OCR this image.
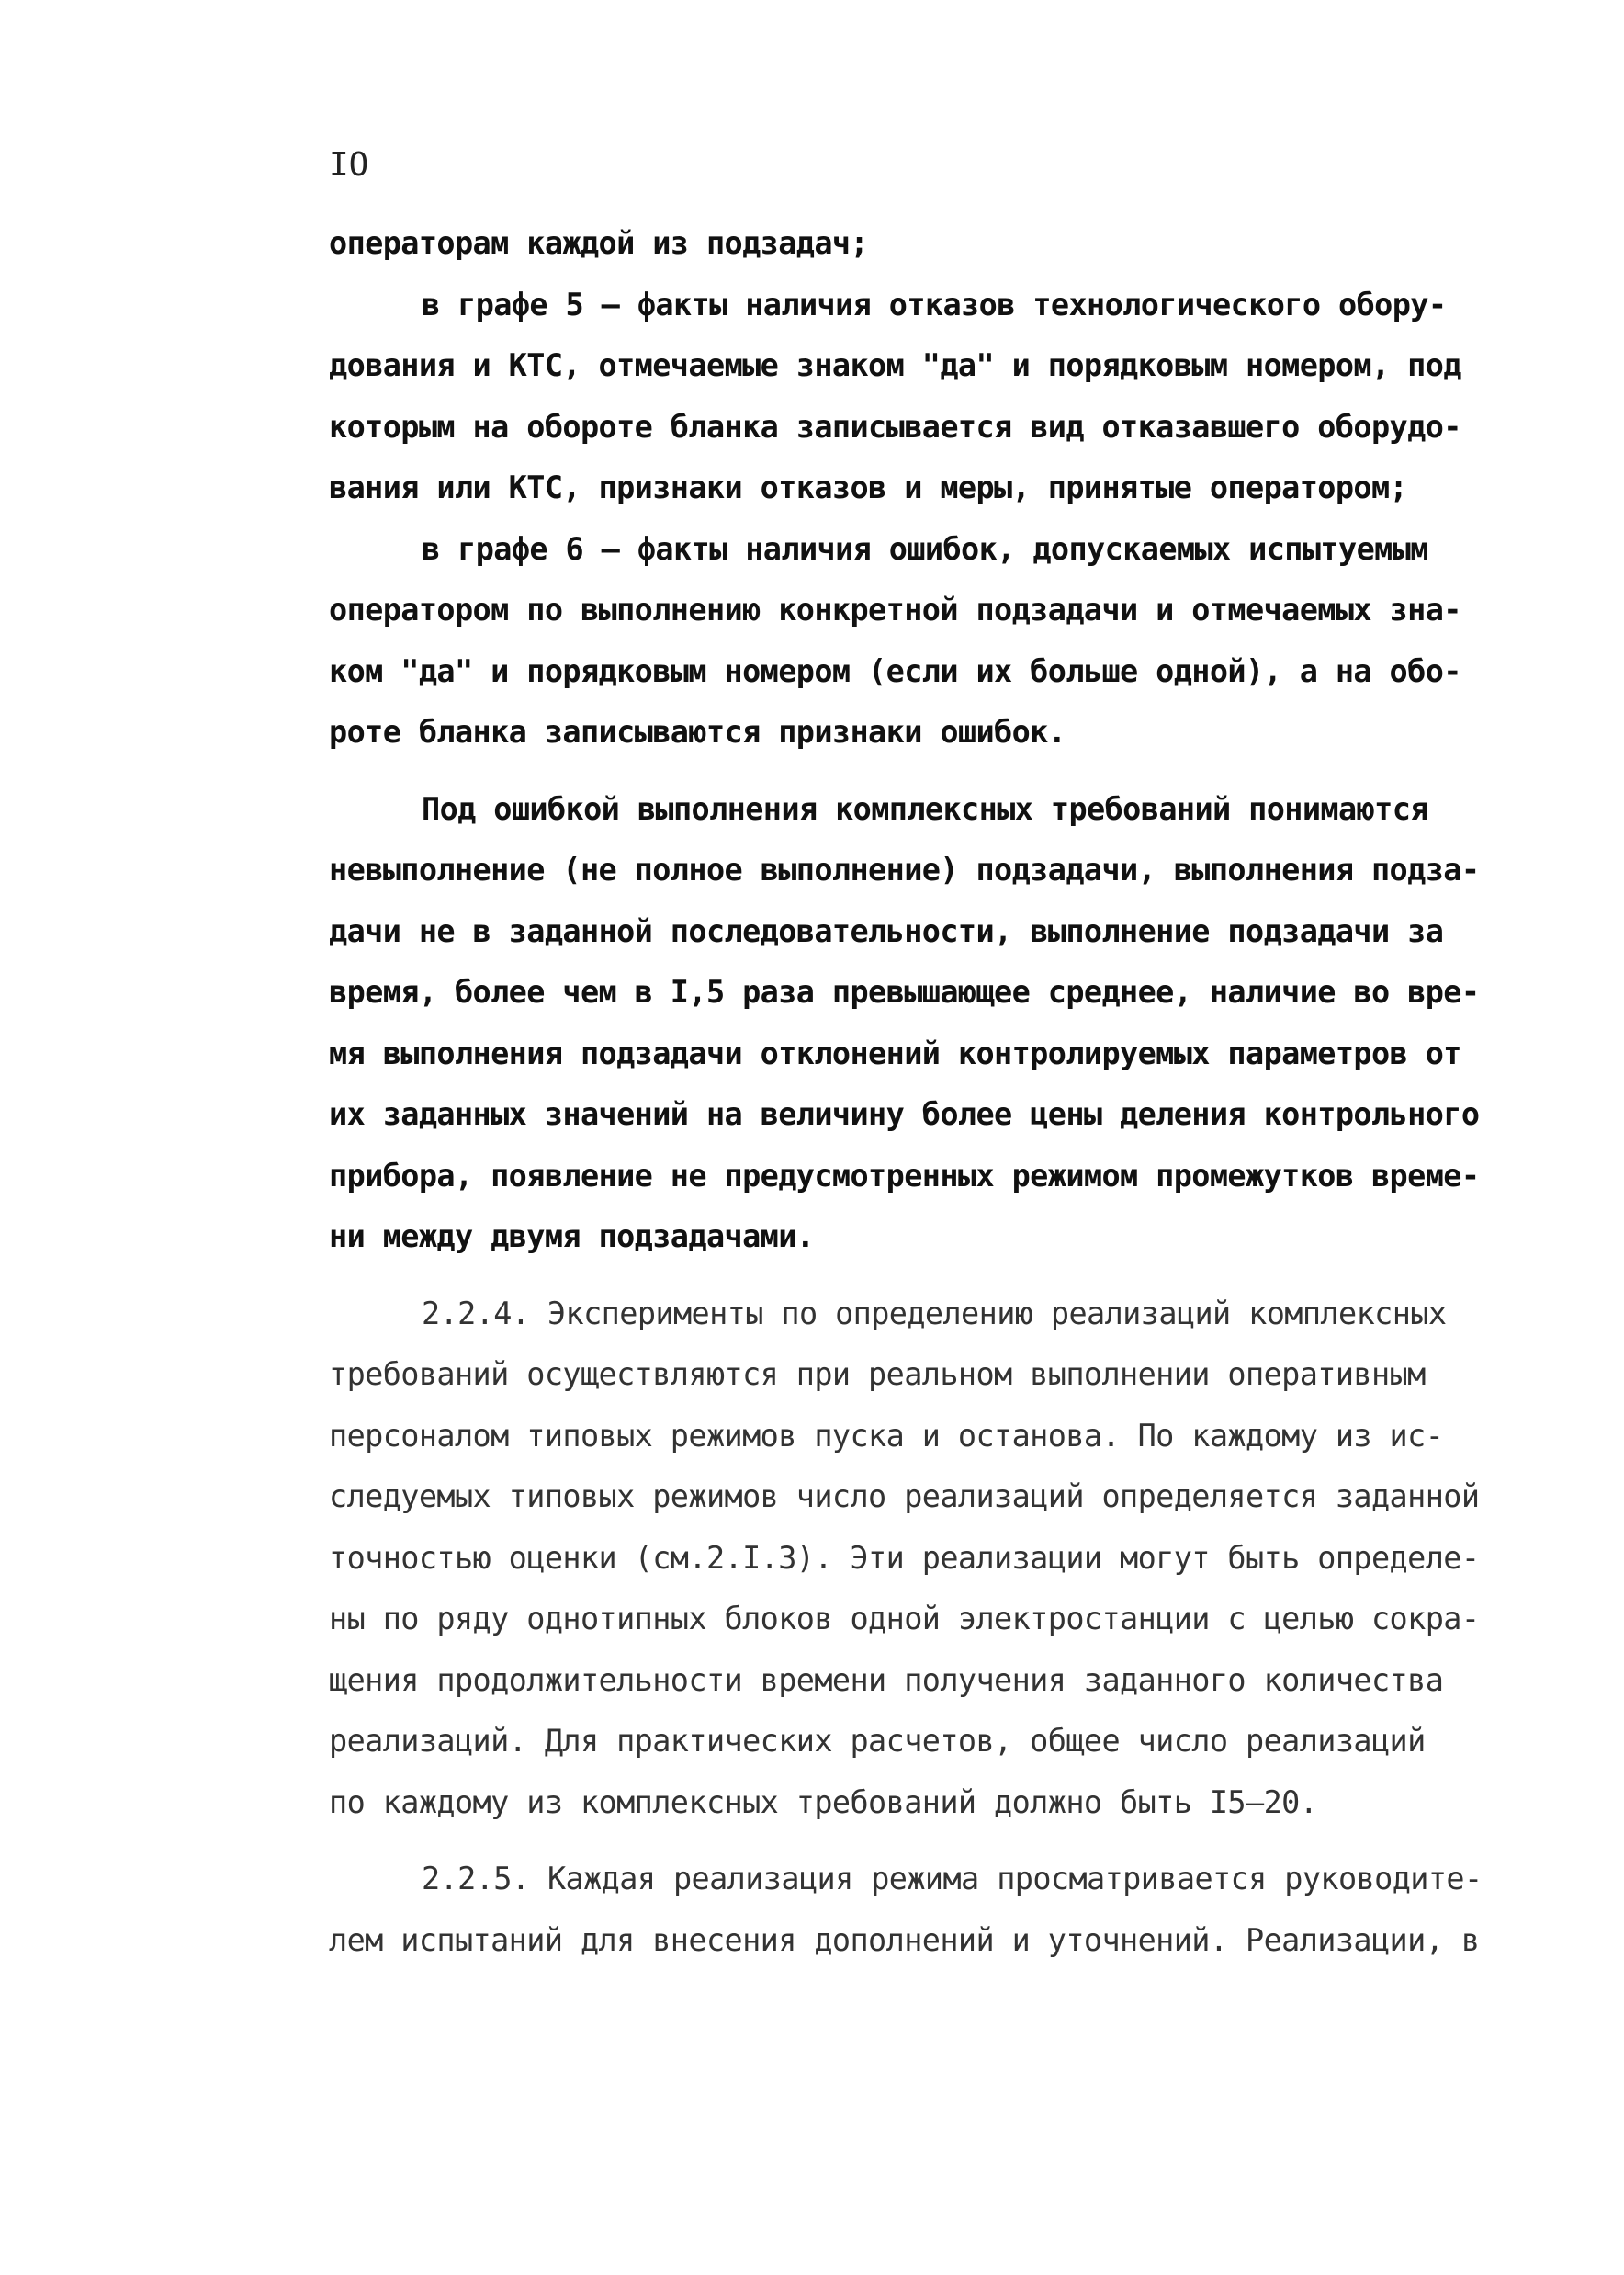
IO
операторам каждой из подзадач;
в графе 5 – факты наличия отказов технологического обору-
дования и КТС, отмечаемые знаком "да" и порядковым номером, под
которым на обороте бланка записывается вид отказавшего оборудо-
вания или КТС, признаки отказов и меры, принятые оператором;
в графе 6 – факты наличия ошибок, допускаемых испытуемым
оператором по выполнению конкретной подзадачи и отмечаемых зна-
ком "да" и порядковым номером (если их больше одной), а на обо-
роте бланка записываются признаки ошибок.
Под ошибкой выполнения комплексных требований понимаются
невыполнение (не полное выполнение) подзадачи, выполнения подза-
дачи не в заданной последовательности, выполнение подзадачи за
время, более чем в I,5 раза превышающее среднее, наличие во вре-
мя выполнения подзадачи отклонений контролируемых параметров от
их заданных значений на величину более цены деления контрольного
прибора, появление не предусмотренных режимом промежутков време-
ни между двумя подзадачами.
2.2.4. Эксперименты по определению реализаций комплексных
требований осуществляются при реальном выполнении оперативным
персоналом типовых режимов пуска и останова. По каждому из ис-
следуемых типовых режимов число реализаций определяется заданной
точностью оценки (см.2.I.3). Эти реализации могут быть определе-
ны по ряду однотипных блоков одной электростанции с целью сокра-
щения продолжительности времени получения заданного количества
реализаций. Для практических расчетов, общее число реализаций
по каждому из комплексных требований должно быть I5–20.
2.2.5. Каждая реализация режима просматривается руководите-
лем испытаний для внесения дополнений и уточнений. Реализации, в
